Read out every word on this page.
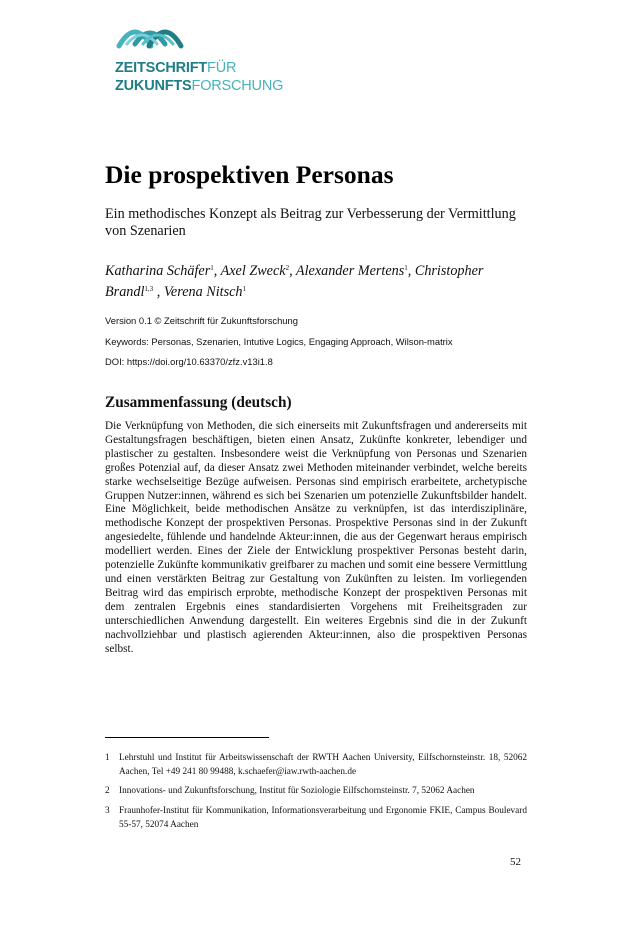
ZEITSCHRIFTFÜR
ZUKUNFTSFORSCHUNG
Die prospektiven Personas
Ein methodisches Konzept als Beitrag zur Verbesserung der Vermittlung von Szenarien
Katharina Schäfer$^1$, Axel Zweck$^2$, Alexander Mertens$^1$, Christopher Brandl$^{1,3}$ , Verena Nitsch$^1$
Version 0.1 © Zeitschrift für Zukunftsforschung
Keywords: Personas, Szenarien, Intutive Logics, Engaging Approach, Wilson-matrix
DOI: https://doi.org/10.63370/zfz.v13i1.8
Zusammenfassung (deutsch)

Die Verknüpfung von Methoden, die sich einerseits mit Zukunftsfragen und andererseits mit Gestaltungsfragen beschäftigen, bieten einen Ansatz, Zukünfte konkreter, lebendiger und plastischer zu gestalten. Insbesondere weist die Verknüpfung von Personas und Szenarien großes Potenzial auf, da dieser Ansatz zwei Methoden miteinander verbindet, welche bereits starke wechselseitige Bezüge aufweisen. Personas sind empirisch erarbeitete, archetypische Gruppen Nutzer:innen, während es sich bei Szenarien um potenzielle Zukunftsbilder handelt. Eine Möglichkeit, beide methodischen Ansätze zu verknüpfen, ist das interdisziplinäre, methodische Konzept der prospektiven Personas. Prospektive Personas sind in der Zukunft angesiedelte, fühlende und handelnde Akteur:innen, die aus der Gegenwart heraus empirisch modelliert werden. Eines der Ziele der Entwicklung prospektiver Personas besteht darin, potenzielle Zukünfte kommunikativ greifbarer zu machen und somit eine bessere Vermittlung und einen verstärkten Beitrag zur Gestaltung von Zukünften zu leisten. Im vorliegenden Beitrag wird das empirisch erprobte, methodische Konzept der prospektiven Personas mit dem zentralen Ergebnis eines standardisierten Vorgehens mit Freiheitsgraden zur unterschiedlichen Anwendung dargestellt. Ein weiteres Ergebnis sind die in der Zukunft nachvollziehbar und plastisch agierenden Akteur:innen, also die prospektiven Personas selbst.

1 Lehrstuhl und Institut für Arbeitswissenschaft der RWTH Aachen University, Eilfschornsteinstr. 18, 52062 Aachen, Tel +49 241 80 99488, k.schaefer@iaw.rwth-aachen.de
2 Innovations- und Zukunftsforschung, Institut für Soziologie Eilfschornsteinstr. 7, 52062 Aachen
3 Fraunhofer-Institut für Kommunikation, Informationsverarbeitung und Ergonomie FKIE, Campus Boulevard 55-57, 52074 Aachen
52
